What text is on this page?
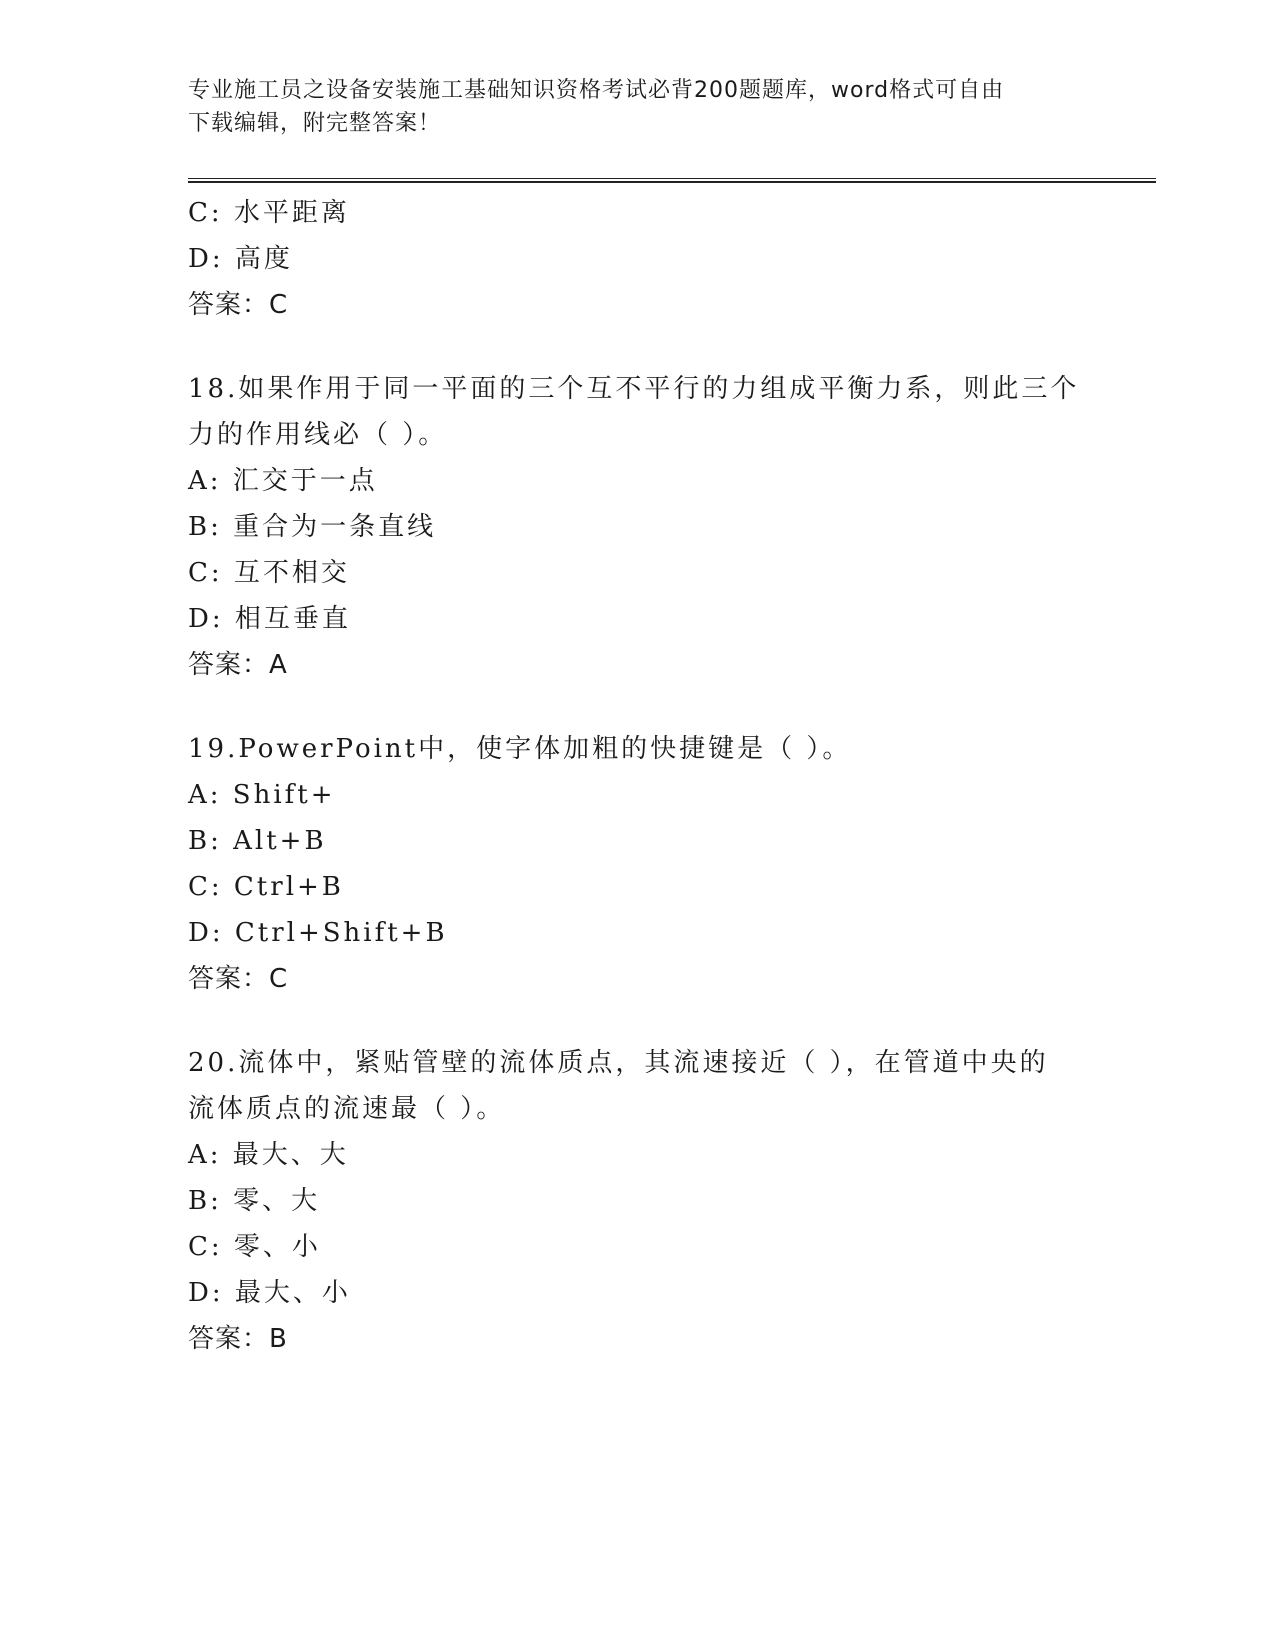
专业施工员之设备安装施工基础知识资格考试必背200题题库，word格式可自由
下载编辑，附完整答案！
C: 水平距离
D: 高度
答案：C
18.如果作用于同一平面的三个互不平行的力组成平衡力系，则此三个
力的作用线必（ ）。
A: 汇交于一点
B: 重合为一条直线
C: 互不相交
D: 相互垂直
答案：A
19.PowerPoint中，使字体加粗的快捷键是（ ）。
A: Shift+
B: Alt+B
C: Ctrl+B
D: Ctrl+Shift+B
答案：C
20.流体中，紧贴管壁的流体质点，其流速接近（ ），在管道中央的
流体质点的流速最（ ）。
A: 最大、大
B: 零、大
C: 零、小
D: 最大、小
答案：B
